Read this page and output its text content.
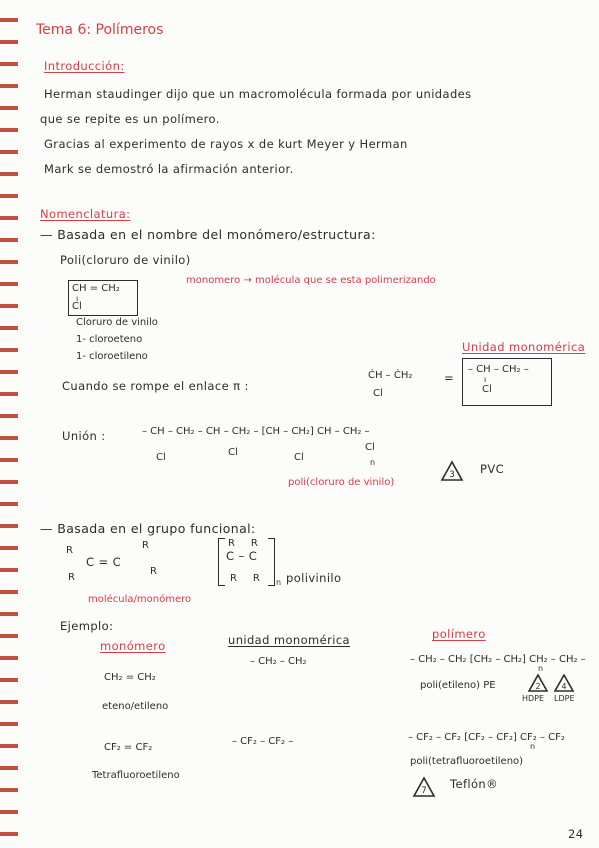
Tema 6: Polímeros
Introducción:
Herman staudinger dijo que un macromolécula formada por unidades
que se repite es un polímero.
Gracias al experimento de rayos x de kurt Meyer y Herman
Mark se demostró la afirmación anterior.
Nomenclatura:
— Basada en el nombre del monómero/estructura:
Poli(cloruro de vinilo)
CH = CH₂
ı
Cl
monomero → molécula que se esta polimerizando
Cloruro de vinilo
1- cloroeteno
1- cloroetileno
Unidad monomérica
Cuando se rompe el enlace π :
ĊH – ĊH₂
Cl
=
– CH – CH₂ –
ı
Cl
Unión :	– CH – CH₂ – CH – CH₂ – [CH – CH₂] CH – CH₂ –
Cl	Cl	Cl
Cl
n
poli(cloruro de vinilo)
3 PVC
— Basada en el grupo funcional:
R	R
C = C
R
R
R     R
C – C
R     R n polivinilo
molécula/monómero
Ejemplo:
monómero	unidad monomérica	polímero
CH₂ = CH₂
eteno/etileno
– CH₂ – CH₂	– CH₂ – CH₂ [CH₂ – CH₂] CH₂ – CH₂ –
n
poli(etileno) PE	2	4
HDPE LDPE
CF₂ = CF₂
Tetrafluoroetileno
– CF₂ – CF₂ –	– CF₂ – CF₂ [CF₂ – CF₂] CF₂ – CF₂
n
poli(tetrafluoroetileno)
7 Teflón®
24
